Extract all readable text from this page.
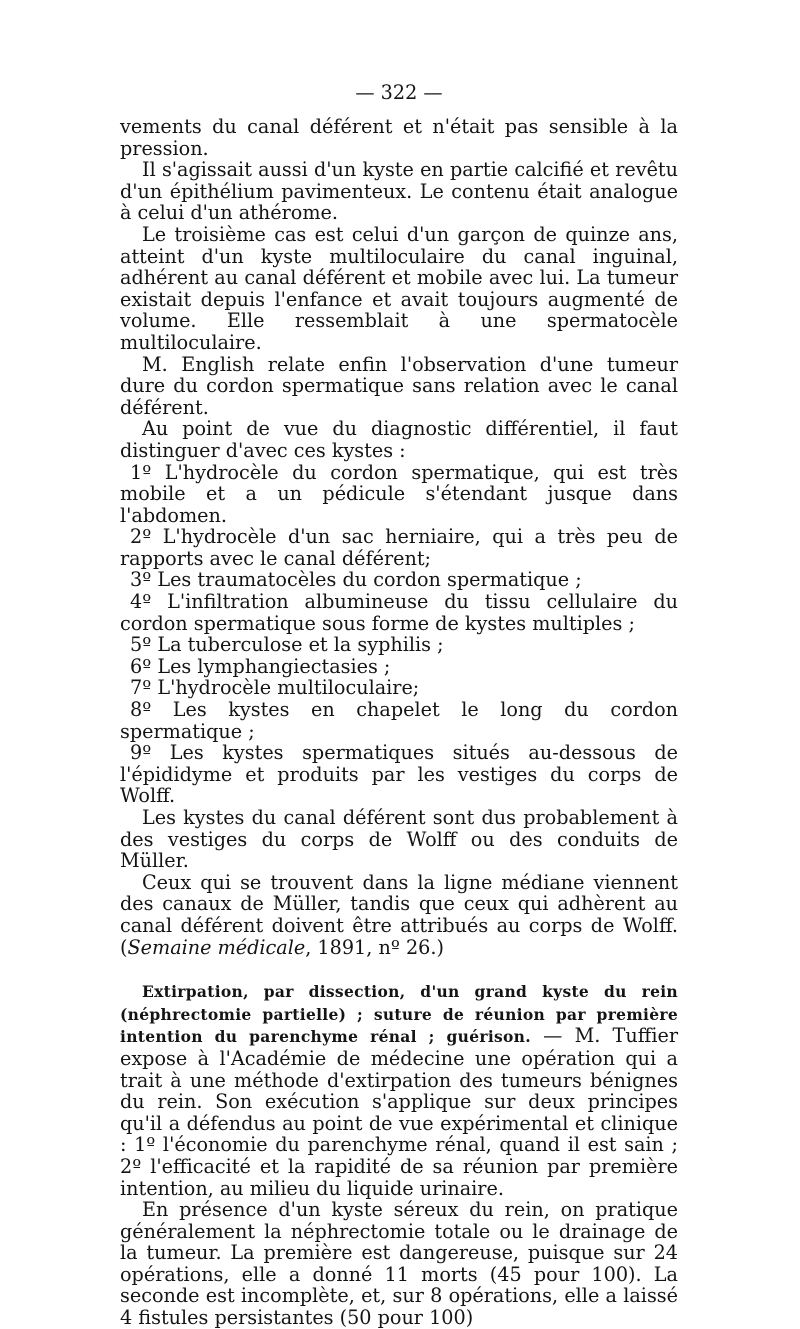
— 322 —

vements du canal déférent et n'était pas sensible à la pression.

Il s'agissait aussi d'un kyste en partie calcifié et revêtu d'un épithélium pavimenteux. Le contenu était analogue à celui d'un athérome.

Le troisième cas est celui d'un garçon de quinze ans, atteint d'un kyste multiloculaire du canal inguinal, adhérent au canal déférent et mobile avec lui. La tumeur existait depuis l'enfance et avait toujours augmenté de volume. Elle ressemblait à une spermatocèle multiloculaire.

M. English relate enfin l'observation d'une tumeur dure du cordon spermatique sans relation avec le canal déférent.

Au point de vue du diagnostic différentiel, il faut distinguer d'avec ces kystes :

1º L'hydrocèle du cordon spermatique, qui est très mobile et a un pédicule s'étendant jusque dans l'abdomen.

2º L'hydrocèle d'un sac herniaire, qui a très peu de rapports avec le canal déférent;

3º Les traumatocèles du cordon spermatique ;

4º L'infiltration albumineuse du tissu cellulaire du cordon spermatique sous forme de kystes multiples ;

5º La tuberculose et la syphilis ;

6º Les lymphangiectasies ;

7º L'hydrocèle multiloculaire;

8º Les kystes en chapelet le long du cordon spermatique ;

9º Les kystes spermatiques situés au-dessous de l'épididyme et produits par les vestiges du corps de Wolff.

Les kystes du canal déférent sont dus probablement à des vestiges du corps de Wolff ou des conduits de Müller.

Ceux qui se trouvent dans la ligne médiane viennent des canaux de Müller, tandis que ceux qui adhèrent au canal déférent doivent être attribués au corps de Wolff. (Semaine médicale, 1891, nº 26.)

Extirpation, par dissection, d'un grand kyste du rein (néphrectomie partielle) ; suture de réunion par première intention du parenchyme rénal ; guérison. — M. Tuffier expose à l'Académie de médecine une opération qui a trait à une méthode d'extirpation des tumeurs bénignes du rein. Son exécution s'applique sur deux principes qu'il a défendus au point de vue expérimental et clinique : 1º l'économie du parenchyme rénal, quand il est sain ; 2º l'efficacité et la rapidité de sa réunion par première intention, au milieu du liquide urinaire.

En présence d'un kyste séreux du rein, on pratique généralement la néphrectomie totale ou le drainage de la tumeur. La première est dangereuse, puisque sur 24 opérations, elle a donné 11 morts (45 pour 100). La seconde est incomplète, et, sur 8 opérations, elle a laissé 4 fistules persistantes (50 pour 100)
